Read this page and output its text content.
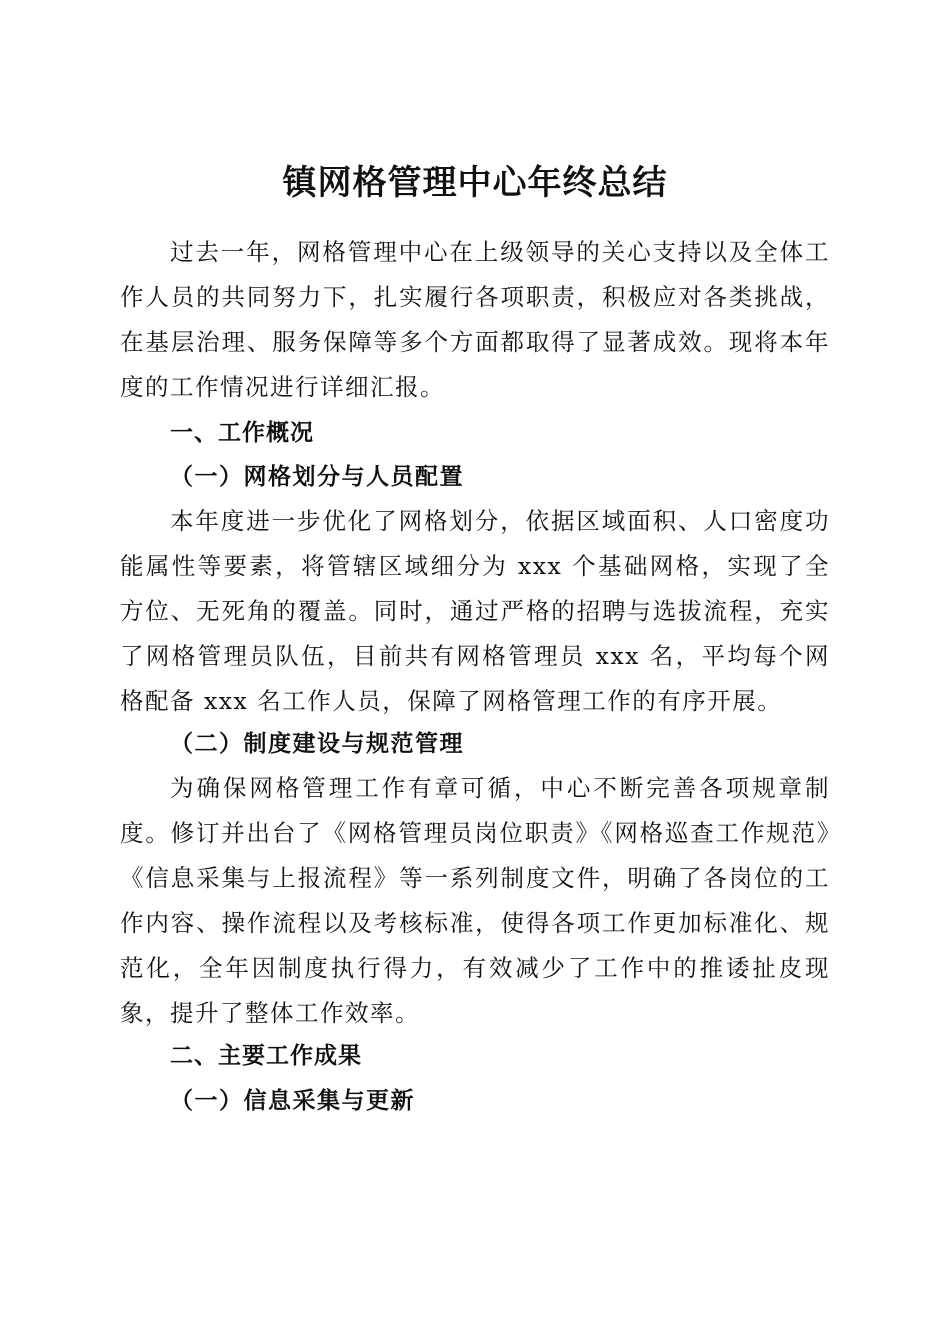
镇网格管理中心年终总结

过去一年，网格管理中心在上级领导的关心支持以及全体工作人员的共同努力下，扎实履行各项职责，积极应对各类挑战，在基层治理、服务保障等多个方面都取得了显著成效。现将本年度的工作情况进行详细汇报。

一、工作概况
（一）网格划分与人员配置

本年度进一步优化了网格划分，依据区域面积、人口密度功能属性等要素，将管辖区域细分为 xxx 个基础网格，实现了全方位、无死角的覆盖。同时，通过严格的招聘与选拔流程，充实了网格管理员队伍，目前共有网格管理员 xxx 名，平均每个网格配备 xxx 名工作人员，保障了网格管理工作的有序开展。

（二）制度建设与规范管理

为确保网格管理工作有章可循，中心不断完善各项规章制度。修订并出台了《网格管理员岗位职责》《网格巡查工作规范》《信息采集与上报流程》等一系列制度文件，明确了各岗位的工作内容、操作流程以及考核标准，使得各项工作更加标准化、规范化，全年因制度执行得力，有效减少了工作中的推诿扯皮现象，提升了整体工作效率。

二、主要工作成果
（一）信息采集与更新
